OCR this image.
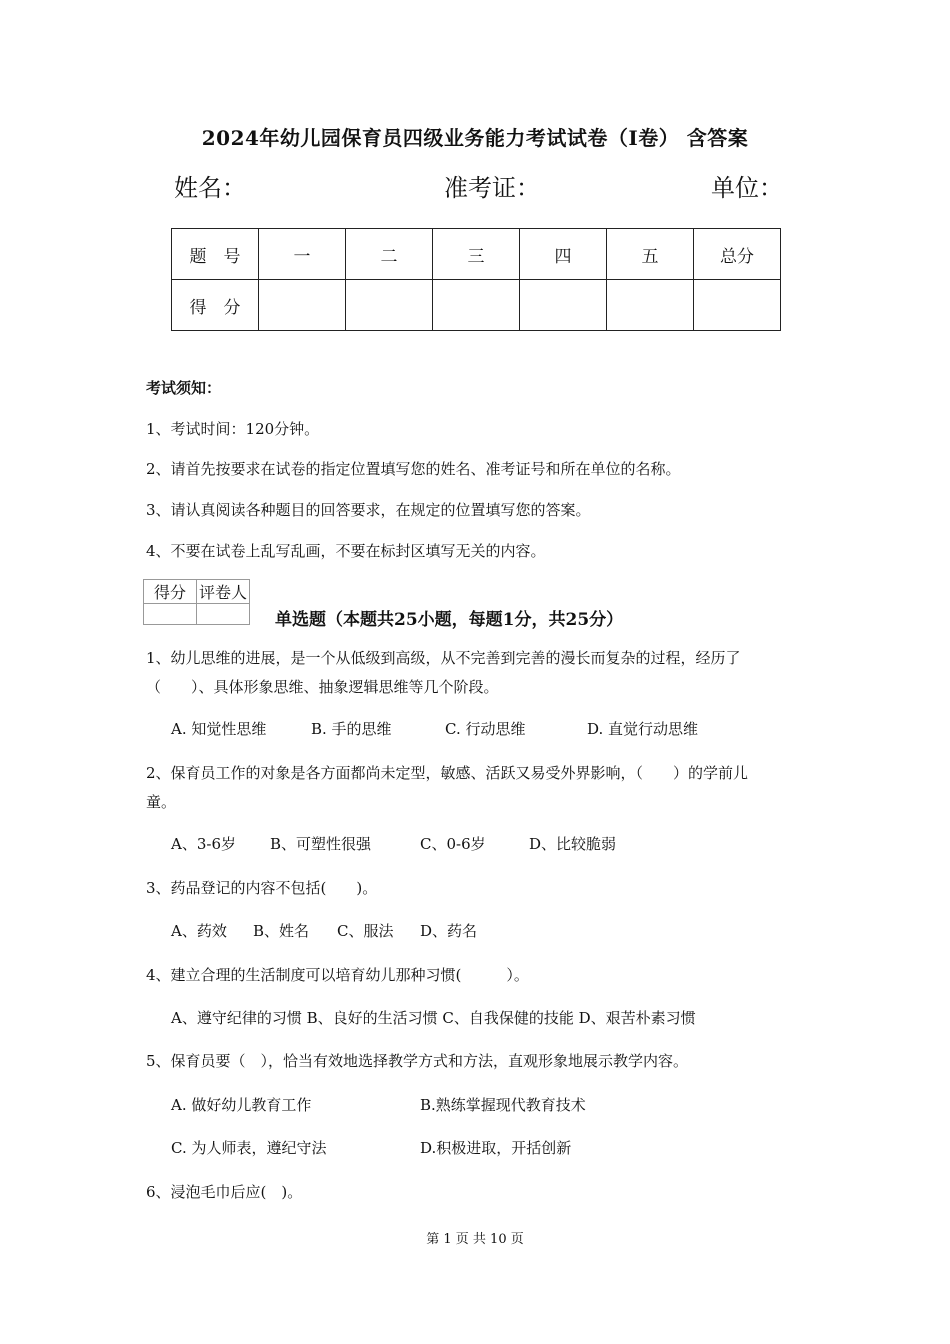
2024年幼儿园保育员四级业务能力考试试卷（I卷） 含答案
姓名：	准考证：	单位：
题　号	一	二	三	四	五	总分
得　分						
考试须知：
1、考试时间：120分钟。
2、请首先按要求在试卷的指定位置填写您的姓名、准考证号和所在单位的名称。
3、请认真阅读各种题目的回答要求，在规定的位置填写您的答案。
4、不要在试卷上乱写乱画，不要在标封区填写无关的内容。
得分	评卷人

单选题（本题共25小题，每题1分，共25分）
1、幼儿思维的进展，是一个从低级到高级，从不完善到完善的漫长而复杂的过程，经历了
（　　）、具体形象思维、抽象逻辑思维等几个阶段。
A. 知觉性思维	B. 手的思维	C. 行动思维	D. 直觉行动思维
2、保育员工作的对象是各方面都尚未定型，敏感、活跃又易受外界影响，（　　）的学前儿
童。
A、3-6岁 B、可塑性很强	C、0-6岁	D、比较脆弱
3、药品登记的内容不包括(　　)。
A、药效 B、姓名 C、服法 D、药名
4、建立合理的生活制度可以培育幼儿那种习惯(　　　）。
A、遵守纪律的习惯 B、良好的生活习惯 C、自我保健的技能 D、艰苦朴素习惯
5、保育员要（　），恰当有效地选择教学方式和方法，直观形象地展示教学内容。
A. 做好幼儿教育工作	B.熟练掌握现代教育技术
C. 为人师表，遵纪守法	D.积极进取，开括创新
6、浸泡毛巾后应(　)。
第 1 页 共 10 页
